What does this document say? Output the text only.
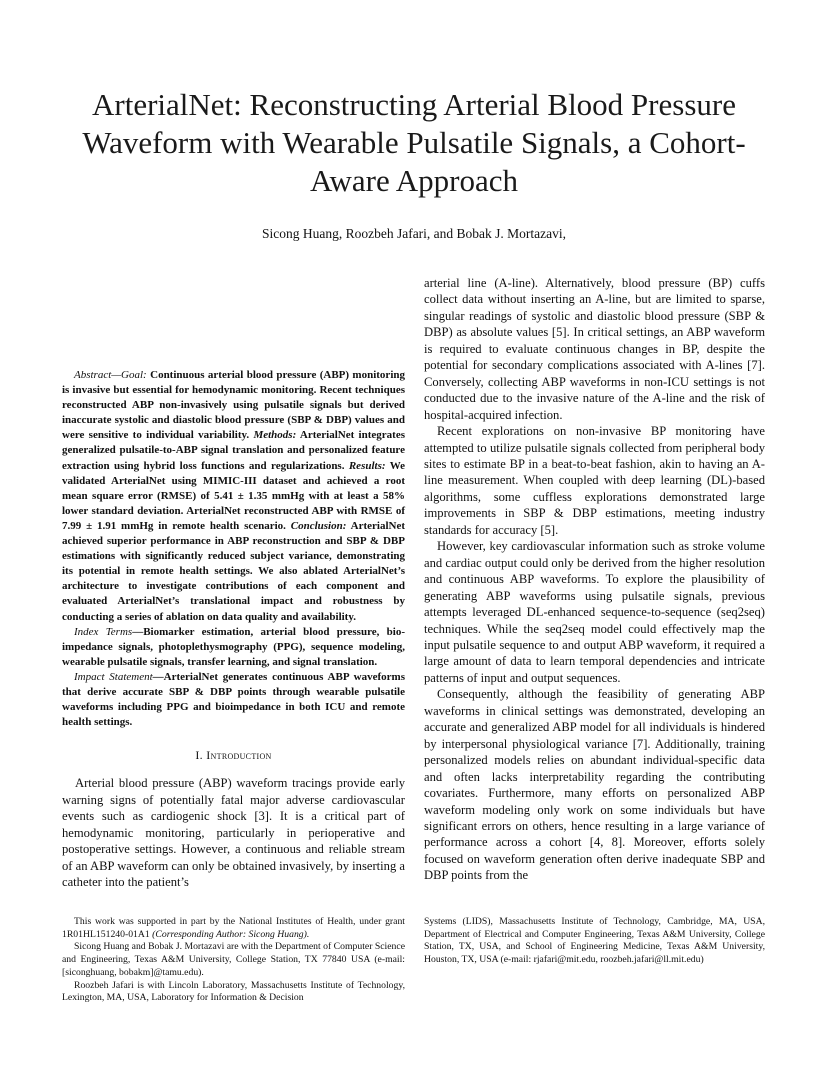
ArterialNet: Reconstructing Arterial Blood Pressure Waveform with Wearable Pulsatile Signals, a Cohort-Aware Approach
Sicong Huang, Roozbeh Jafari, and Bobak J. Mortazavi,

Abstract—Goal: Continuous arterial blood pressure (ABP) monitoring is invasive but essential for hemodynamic monitoring. Recent techniques reconstructed ABP non-invasively using pulsatile signals but derived inaccurate systolic and diastolic blood pressure (SBP & DBP) values and were sensitive to individual variability. Methods: ArterialNet integrates generalized pulsatile-to-ABP signal translation and personalized feature extraction using hybrid loss functions and regularizations. Results: We validated ArterialNet using MIMIC-III dataset and achieved a root mean square error (RMSE) of 5.41 ± 1.35 mmHg with at least a 58% lower standard deviation. ArterialNet reconstructed ABP with RMSE of 7.99 ± 1.91 mmHg in remote health scenario. Conclusion: ArterialNet achieved superior performance in ABP reconstruction and SBP & DBP estimations with significantly reduced subject variance, demonstrating its potential in remote health settings. We also ablated ArterialNet’s architecture to investigate contributions of each component and evaluated ArterialNet’s translational impact and robustness by conducting a series of ablation on data quality and availability.

Index Terms—Biomarker estimation, arterial blood pressure, bio-impedance signals, photoplethysmography (PPG), sequence modeling, wearable pulsatile signals, transfer learning, and signal translation.

Impact Statement—ArterialNet generates continuous ABP waveforms that derive accurate SBP & DBP points through wearable pulsatile waveforms including PPG and bioimpedance in both ICU and remote health settings.

I. Introduction

Arterial blood pressure (ABP) waveform tracings provide early warning signs of potentially fatal major adverse cardiovascular events such as cardiogenic shock [3]. It is a critical part of hemodynamic monitoring, particularly in perioperative and postoperative settings. However, a continuous and reliable stream of an ABP waveform can only be obtained invasively, by inserting a catheter into the patient’s

arterial line (A-line). Alternatively, blood pressure (BP) cuffs collect data without inserting an A-line, but are limited to sparse, singular readings of systolic and diastolic blood pressure (SBP & DBP) as absolute values [5]. In critical settings, an ABP waveform is required to evaluate continuous changes in BP, despite the potential for secondary complications associated with A-lines [7]. Conversely, collecting ABP waveforms in non-ICU settings is not conducted due to the invasive nature of the A-line and the risk of hospital-acquired infection.

Recent explorations on non-invasive BP monitoring have attempted to utilize pulsatile signals collected from peripheral body sites to estimate BP in a beat-to-beat fashion, akin to having an A-line measurement. When coupled with deep learning (DL)-based algorithms, some cuffless explorations demonstrated large improvements in SBP & DBP estimations, meeting industry standards for accuracy [5].

However, key cardiovascular information such as stroke volume and cardiac output could only be derived from the higher resolution and continuous ABP waveforms. To explore the plausibility of generating ABP waveforms using pulsatile signals, previous attempts leveraged DL-enhanced sequence-to-sequence (seq2seq) techniques. While the seq2seq model could effectively map the input pulsatile sequence to and output ABP waveform, it required a large amount of data to learn temporal dependencies and intricate patterns of input and output sequences.

Consequently, although the feasibility of generating ABP waveforms in clinical settings was demonstrated, developing an accurate and generalized ABP model for all individuals is hindered by interpersonal physiological variance [7]. Additionally, training personalized models relies on abundant individual-specific data and often lacks interpretability regarding the contributing covariates. Furthermore, many efforts on personalized ABP waveform modeling only work on some individuals but have significant errors on others, hence resulting in a large variance of performance across a cohort [4, 8]. Moreover, efforts solely focused on waveform generation often derive inadequate SBP and DBP points from the

This work was supported in part by the National Institutes of Health, under grant 1R01HL151240-01A1 (Corresponding Author: Sicong Huang).

Sicong Huang and Bobak J. Mortazavi are with the Department of Computer Science and Engineering, Texas A&M University, College Station, TX 77840 USA (e-mail: [siconghuang, bobakm]@tamu.edu).

Roozbeh Jafari is with Lincoln Laboratory, Massachusetts Institute of Technology, Lexington, MA, USA, Laboratory for Information & Decision

Systems (LIDS), Massachusetts Institute of Technology, Cambridge, MA, USA, Department of Electrical and Computer Engineering, Texas A&M University, College Station, TX, USA, and School of Engineering Medicine, Texas A&M University, Houston, TX, USA (e-mail: rjafari@mit.edu, roozbeh.jafari@ll.mit.edu)
